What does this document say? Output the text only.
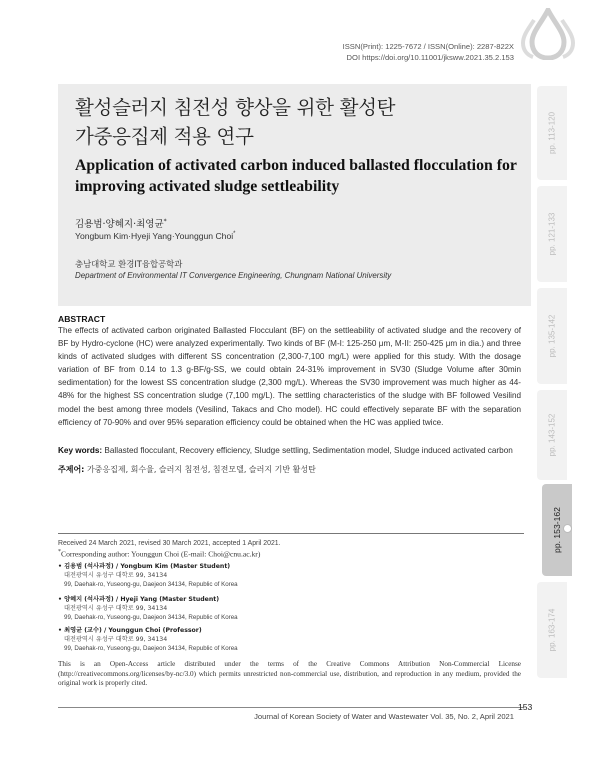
ISSN(Print): 1225-7672 / ISSN(Online): 2287-822X
DOI https://doi.org/10.11001/jksww.2021.35.2.153
활성슬러지 침전성 향상을 위한 활성탄
가중응집제 적용 연구
Application of activated carbon induced ballasted flocculation for
improving activated sludge settleability
김용범·양혜지·최영균*
Yongbum Kim·Hyeji Yang·Younggun Choi*
충남대학교 환경IT융합공학과
Department of Environmental IT Convergence Engineering, Chungnam National University
ABSTRACT
The effects of activated carbon originated Ballasted Flocculant (BF) on the settleability of activated sludge and the recovery of BF by Hydro-cyclone (HC) were analyzed experimentally. Two kinds of BF (M-I: 125-250 μm, M-II: 250-425 μm in dia.) and three kinds of activated sludges with different SS concentration (2,300-7,100 mg/L) were applied for this study. With the dosage variation of BF from 0.14 to 1.3 g-BF/g-SS, we could obtain 24-31% improvement in SV30 (Sludge Volume after 30min sedimentation) for the lowest SS concentration sludge (2,300 mg/L). Whereas the SV30 improvement was much higher as 44-48% for the highest SS concentration sludge (7,100 mg/L). The settling characteristics of the sludge with BF followed Vesilind model the best among three models (Vesilind, Takacs and Cho model). HC could effectively separate BF with the separation efficiency of 70-90% and over 95% separation efficiency could be obtained when the HC was applied twice.
Key words: Ballasted flocculant, Recovery efficiency, Sludge settling, Sedimentation model, Sludge induced activated carbon
주제어: 가중응집제, 회수율, 슬러지 침전성, 침전모델, 슬러지 기반 활성탄
Received 24 March 2021, revised 30 March 2021, accepted 1 April 2021.
*Corresponding author: Younggun Choi (E-mail: Choi@cnu.ac.kr)
• 김용범 (석사과정) / Yongbum Kim (Master Student)
대전광역시 유성구 대학로 99, 34134
99, Daehak-ro, Yuseong-gu, Daejeon 34134, Republic of Korea
• 양혜지 (석사과정) / Hyeji Yang (Master Student)
대전광역시 유성구 대학로 99, 34134
99, Daehak-ro, Yuseong-gu, Daejeon 34134, Republic of Korea
• 최영균 (교수) / Younggun Choi (Professor)
대전광역시 유성구 대학로 99, 34134
99, Daehak-ro, Yuseong-gu, Daejeon 34134, Republic of Korea
This is an Open-Access article distributed under the terms of the Creative Commons Attribution Non-Commercial License (http://creativecommons.org/licenses/by-nc/3.0) which permits unrestricted non-commercial use, distribution, and reproduction in any medium, provided the original work is properly cited.
153
Journal of Korean Society of Water and Wastewater Vol. 35, No. 2, April 2021
pp. 113-120
pp. 121-133
pp. 135-142
pp. 143-152
pp. 153-162
pp. 163-174
